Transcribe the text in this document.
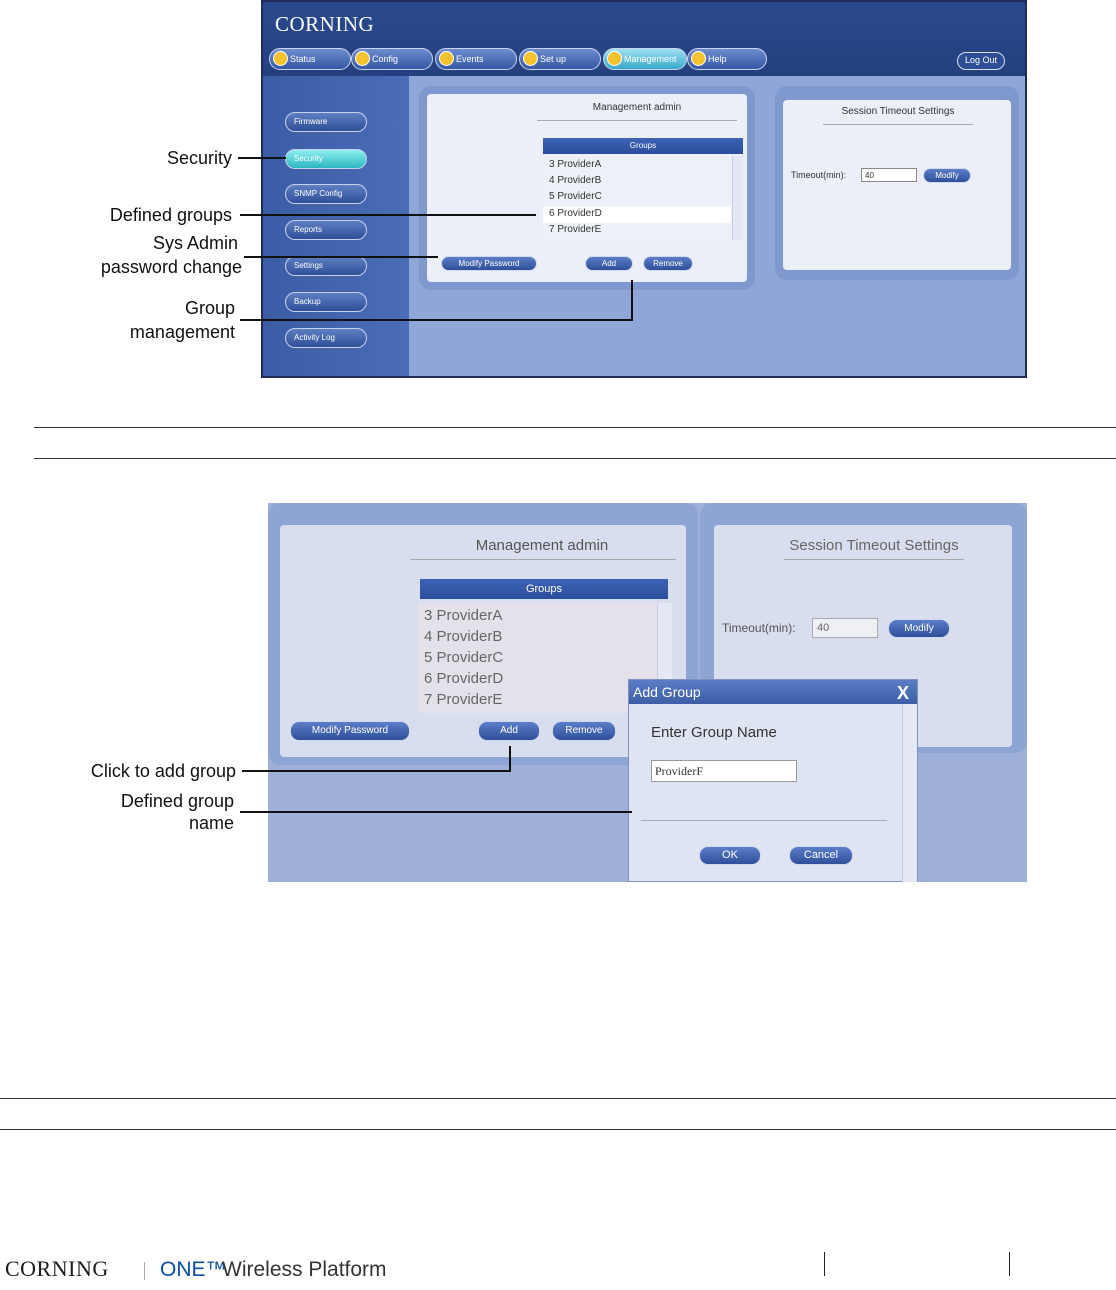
CORNING
Status	Config	Events	Set up	Management	Help	Log Out
Firmware
Security
SNMP Config
Reports
Settings
Backup
Activity Log
Management admin
Groups
3 ProviderA
4 ProviderB
5 ProviderC
6 ProviderD
7 ProviderE
Modify Password	Add	Remove
Session Timeout Settings
Timeout(min):	40	Modify
Security
Defined groups
Sys Admin
password change
Group
management
Management admin
Groups
3 ProviderA
4 ProviderB
5 ProviderC
6 ProviderD
7 ProviderE
Modify Password	Add	Remove
Session Timeout Settings
Timeout(min):	40	Modify
Add Group	X
Enter Group Name
ProviderF
OK	Cancel
Click to add group
Defined group
name
CORNING ONE™
Wireless Platform
